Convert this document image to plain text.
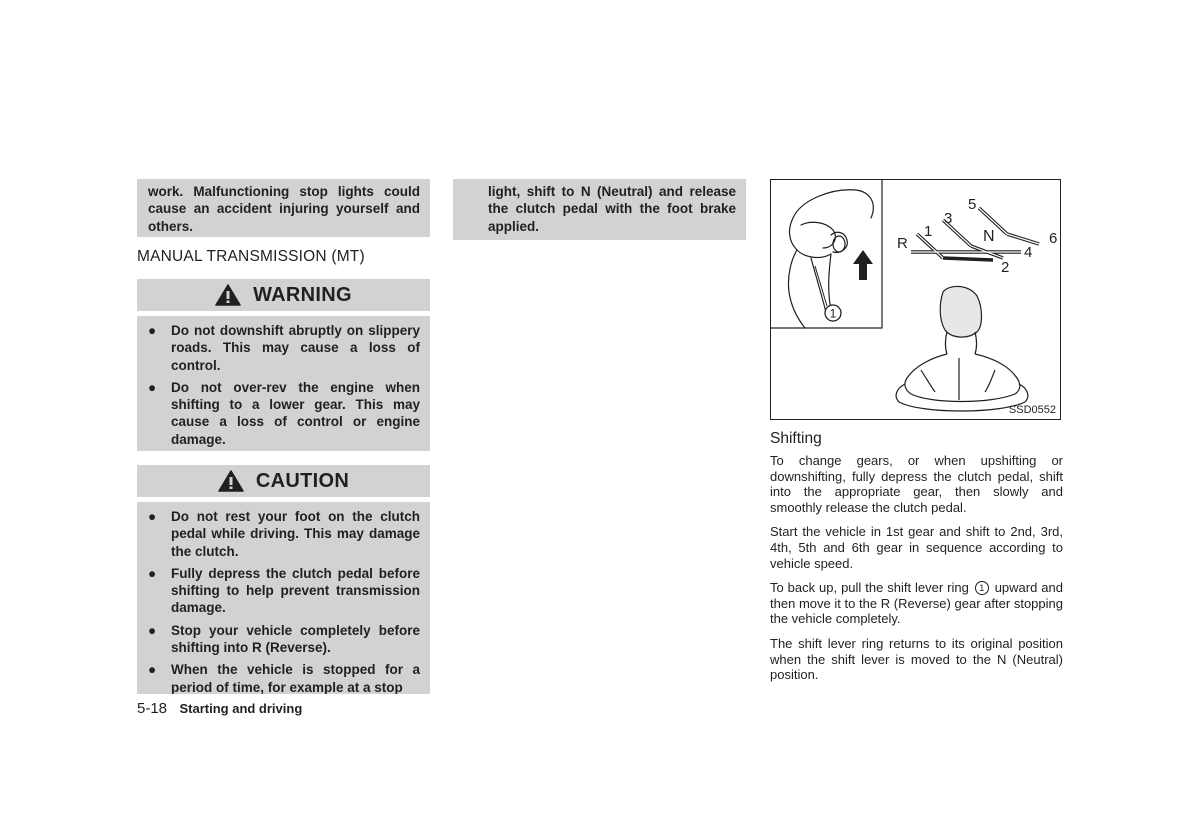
work. Malfunctioning stop lights could cause an accident injuring yourself and others.

MANUAL TRANSMISSION (MT)
WARNING
● Do not downshift abruptly on slippery roads. This may cause a loss of control.
● Do not over-rev the engine when shifting to a lower gear. This may cause a loss of control or engine damage.
CAUTION
● Do not rest your foot on the clutch pedal while driving. This may damage the clutch.
● Fully depress the clutch pedal before shifting to help prevent transmission damage.
● Stop your vehicle completely before shifting into R (Reverse).
● When the vehicle is stopped for a period of time, for example at a stop
5-18 Starting and driving

light, shift to N (Neutral) and release the clutch pedal with the foot brake applied.

1
R
1
3
5
N
2
4
6
SSD0552
Shifting

To change gears, or when upshifting or downshifting, fully depress the clutch pedal, shift into the appropriate gear, then slowly and smoothly release the clutch pedal.

Start the vehicle in 1st gear and shift to 2nd, 3rd, 4th, 5th and 6th gear in sequence according to vehicle speed.

To back up, pull the shift lever ring 1 upward and then move it to the R (Reverse) gear after stopping the vehicle completely.

The shift lever ring returns to its original position when the shift lever is moved to the N (Neutral) position.
